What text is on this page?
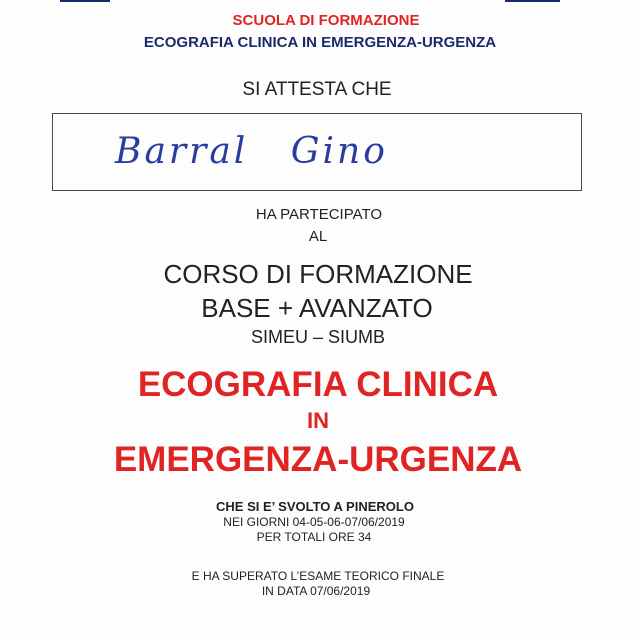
SCUOLA DI FORMAZIONE
ECOGRAFIA CLINICA IN EMERGENZA-URGENZA
SI ATTESTA CHE
Barral Gino
HA PARTECIPATO
AL
CORSO DI FORMAZIONE
BASE + AVANZATO
SIMEU – SIUMB
ECOGRAFIA CLINICA
IN
EMERGENZA-URGENZA
CHE SI E’ SVOLTO A PINEROLO
NEI GIORNI 04-05-06-07/06/2019
PER TOTALI ORE 34
E HA SUPERATO L’ESAME TEORICO FINALE
IN DATA 07/06/2019
